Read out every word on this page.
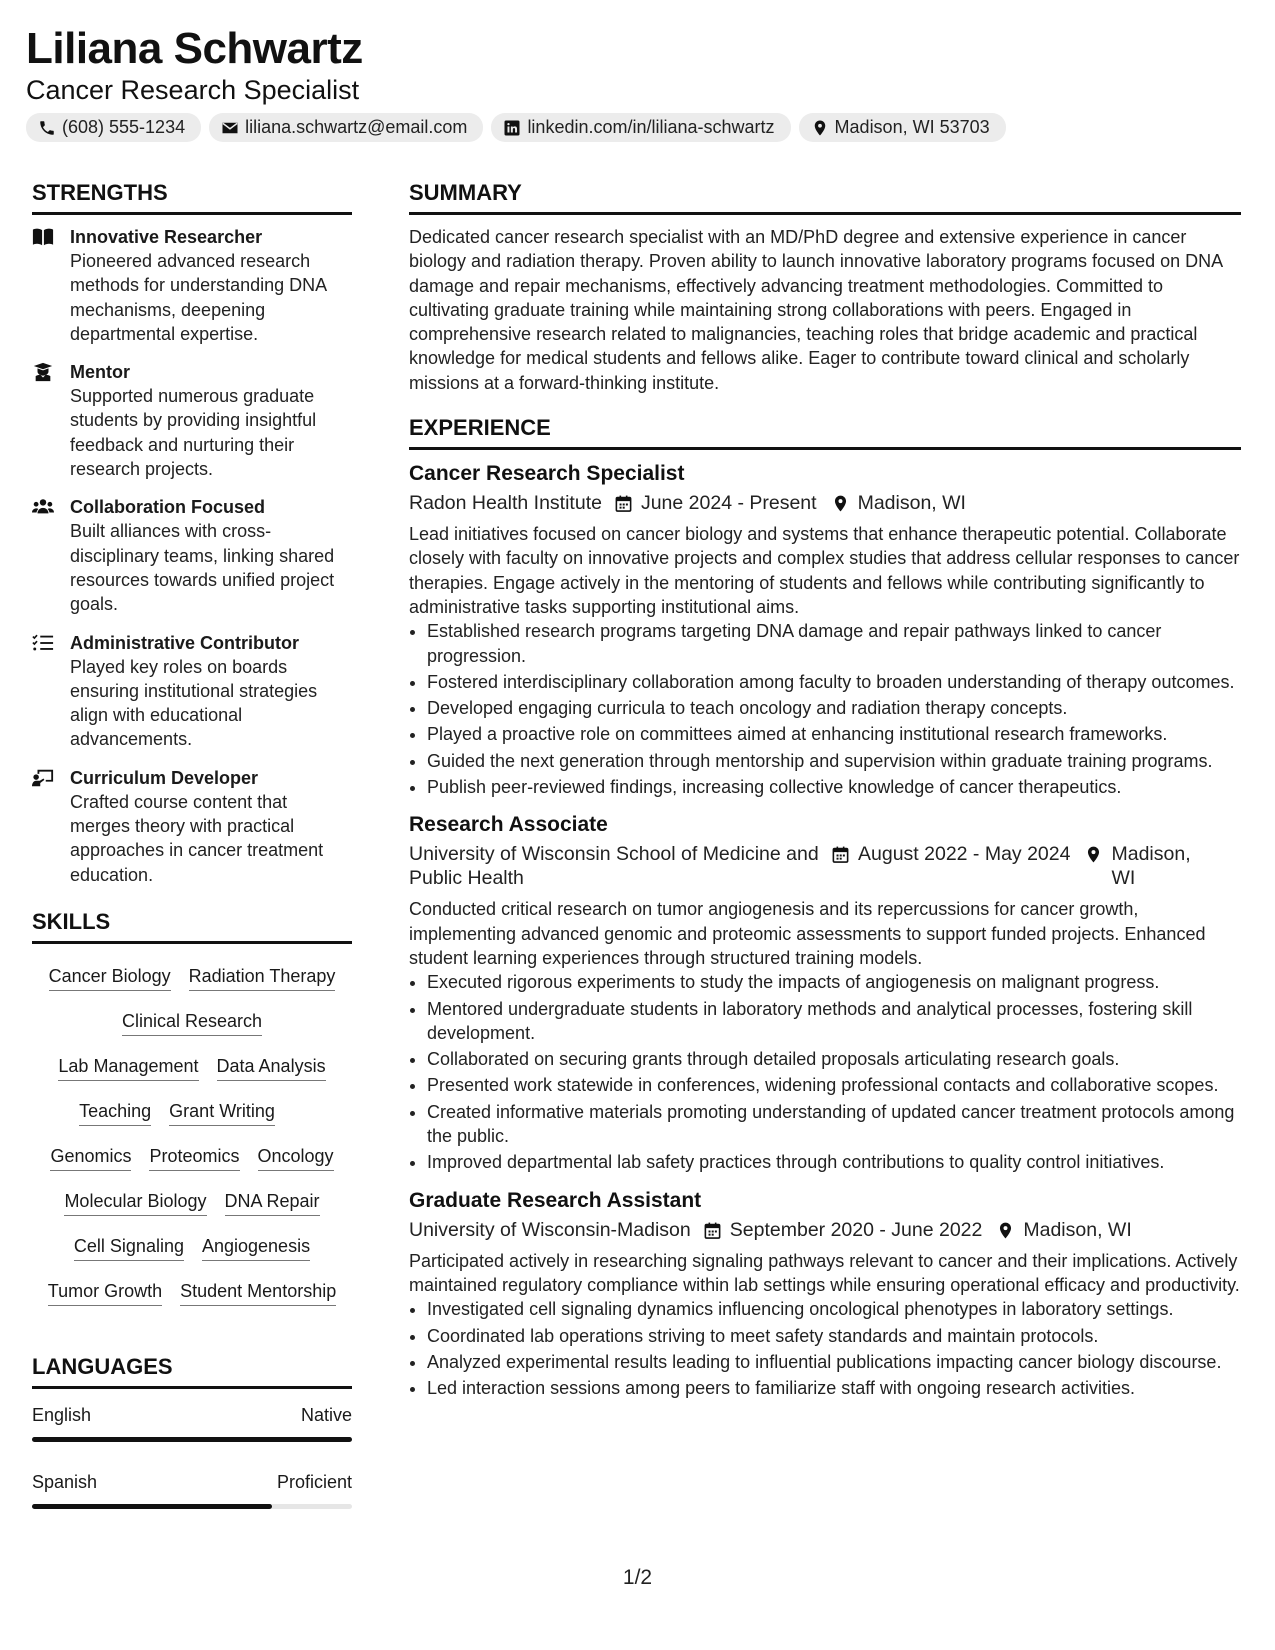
Liliana Schwartz
Cancer Research Specialist
(608) 555-1234	liliana.schwartz@email.com	linkedin.com/in/liliana-schwartz	Madison, WI 53703
STRENGTHS
Innovative Researcher
Pioneered advanced research methods for understanding DNA mechanisms, deepening departmental expertise.
Mentor
Supported numerous graduate students by providing insightful feedback and nurturing their research projects.
Collaboration Focused
Built alliances with cross-disciplinary teams, linking shared resources towards unified project goals.
Administrative Contributor
Played key roles on boards ensuring institutional strategies align with educational advancements.
Curriculum Developer
Crafted course content that merges theory with practical approaches in cancer treatment education.
SKILLS
Cancer Biology Radiation Therapy
Clinical Research
Lab Management Data Analysis
Teaching Grant Writing
Genomics Proteomics Oncology
Molecular Biology DNA Repair
Cell Signaling Angiogenesis
Tumor Growth Student Mentorship
LANGUAGES
English	Native
Spanish	Proficient
SUMMARY
Dedicated cancer research specialist with an MD/PhD degree and extensive experience in cancer biology and radiation therapy. Proven ability to launch innovative laboratory programs focused on DNA damage and repair mechanisms, effectively advancing treatment methodologies. Committed to cultivating graduate training while maintaining strong collaborations with peers. Engaged in comprehensive research related to malignancies, teaching roles that bridge academic and practical knowledge for medical students and fellows alike. Eager to contribute toward clinical and scholarly missions at a forward-thinking institute.
EXPERIENCE
Cancer Research Specialist
Radon Health Institute June 2024 - Present Madison, WI
Lead initiatives focused on cancer biology and systems that enhance therapeutic potential. Collaborate closely with faculty on innovative projects and complex studies that address cellular responses to cancer therapies. Engage actively in the mentoring of students and fellows while contributing significantly to administrative tasks supporting institutional aims.
• Established research programs targeting DNA damage and repair pathways linked to cancer progression.
• Fostered interdisciplinary collaboration among faculty to broaden understanding of therapy outcomes.
• Developed engaging curricula to teach oncology and radiation therapy concepts.
• Played a proactive role on committees aimed at enhancing institutional research frameworks.
• Guided the next generation through mentorship and supervision within graduate training programs.
• Publish peer-reviewed findings, increasing collective knowledge of cancer therapeutics.
Research Associate
University of Wisconsin School of Medicine and Public Health
August 2022 - May 2024 Madison, WI
Conducted critical research on tumor angiogenesis and its repercussions for cancer growth, implementing advanced genomic and proteomic assessments to support funded projects. Enhanced student learning experiences through structured training models.
• Executed rigorous experiments to study the impacts of angiogenesis on malignant progress.
• Mentored undergraduate students in laboratory methods and analytical processes, fostering skill development.
• Collaborated on securing grants through detailed proposals articulating research goals.
• Presented work statewide in conferences, widening professional contacts and collaborative scopes.
• Created informative materials promoting understanding of updated cancer treatment protocols among the public.
• Improved departmental lab safety practices through contributions to quality control initiatives.
Graduate Research Assistant
University of Wisconsin-Madison September 2020 - June 2022 Madison, WI
Participated actively in researching signaling pathways relevant to cancer and their implications. Actively maintained regulatory compliance within lab settings while ensuring operational efficacy and productivity.
• Investigated cell signaling dynamics influencing oncological phenotypes in laboratory settings.
• Coordinated lab operations striving to meet safety standards and maintain protocols.
• Analyzed experimental results leading to influential publications impacting cancer biology discourse.
• Led interaction sessions among peers to familiarize staff with ongoing research activities.
1/2
